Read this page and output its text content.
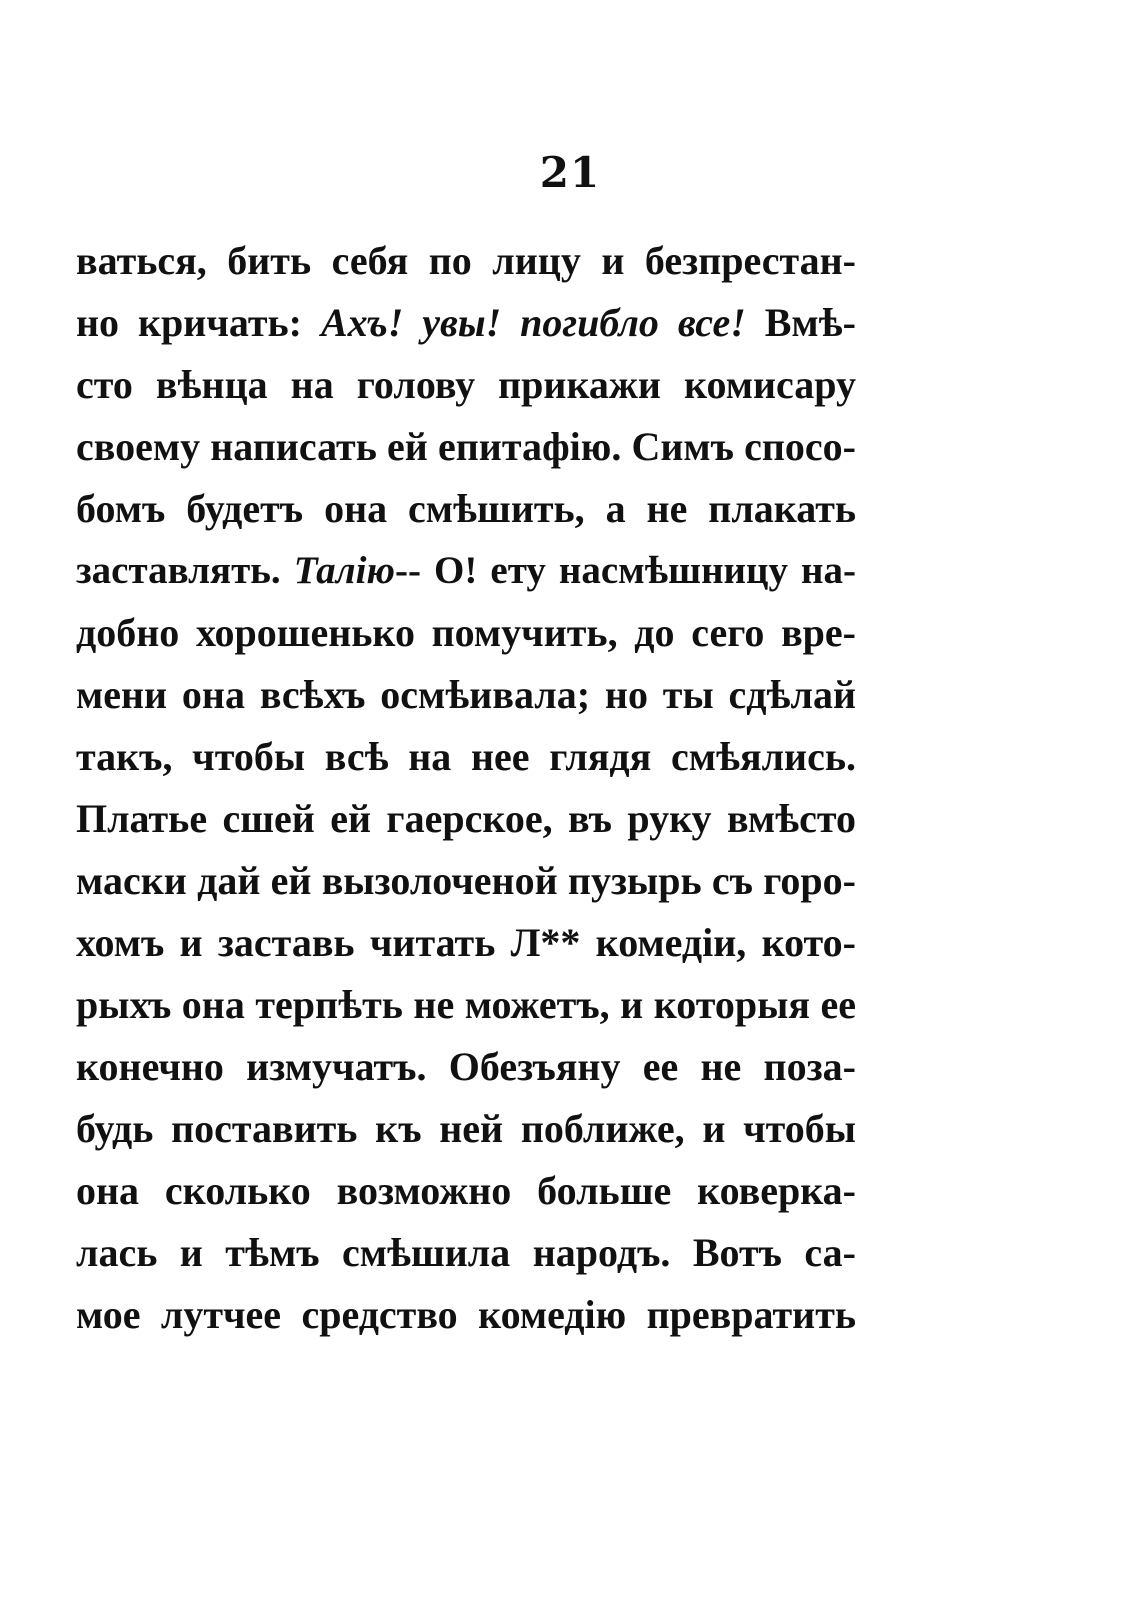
21
ваться, бить себя по лицу и безпрестан-
но кричать: Ахъ! увы! погибло все! Вмѣ-
сто вѣнца на голову прикажи комисару
своему написать ей епитафiю. Симъ спосо-
бомъ будетъ она смѣшить, а не плакать
заставлять. Талiю-- О! ету насмѣшницу на-
добно хорошенько помучить, до сего вре-
мени она всѣхъ осмѣивала; но ты сдѣлай
такъ, чтобы всѣ на нее глядя смѣялись.
Платье сшей ей гаерское, въ руку вмѣсто
маски дай ей вызолоченой пузырь съ горо-
хомъ и заставь читать Л** комедiи, кото-
рыхъ она терпѣть не можетъ, и которыя ее
конечно измучатъ. Обезъяну ее не поза-
будь поставить къ ней поближе, и чтобы
она сколько возможно больше коверка-
лась и тѣмъ смѣшила народъ. Вотъ са-
мое лутчее средство комедiю превратить
